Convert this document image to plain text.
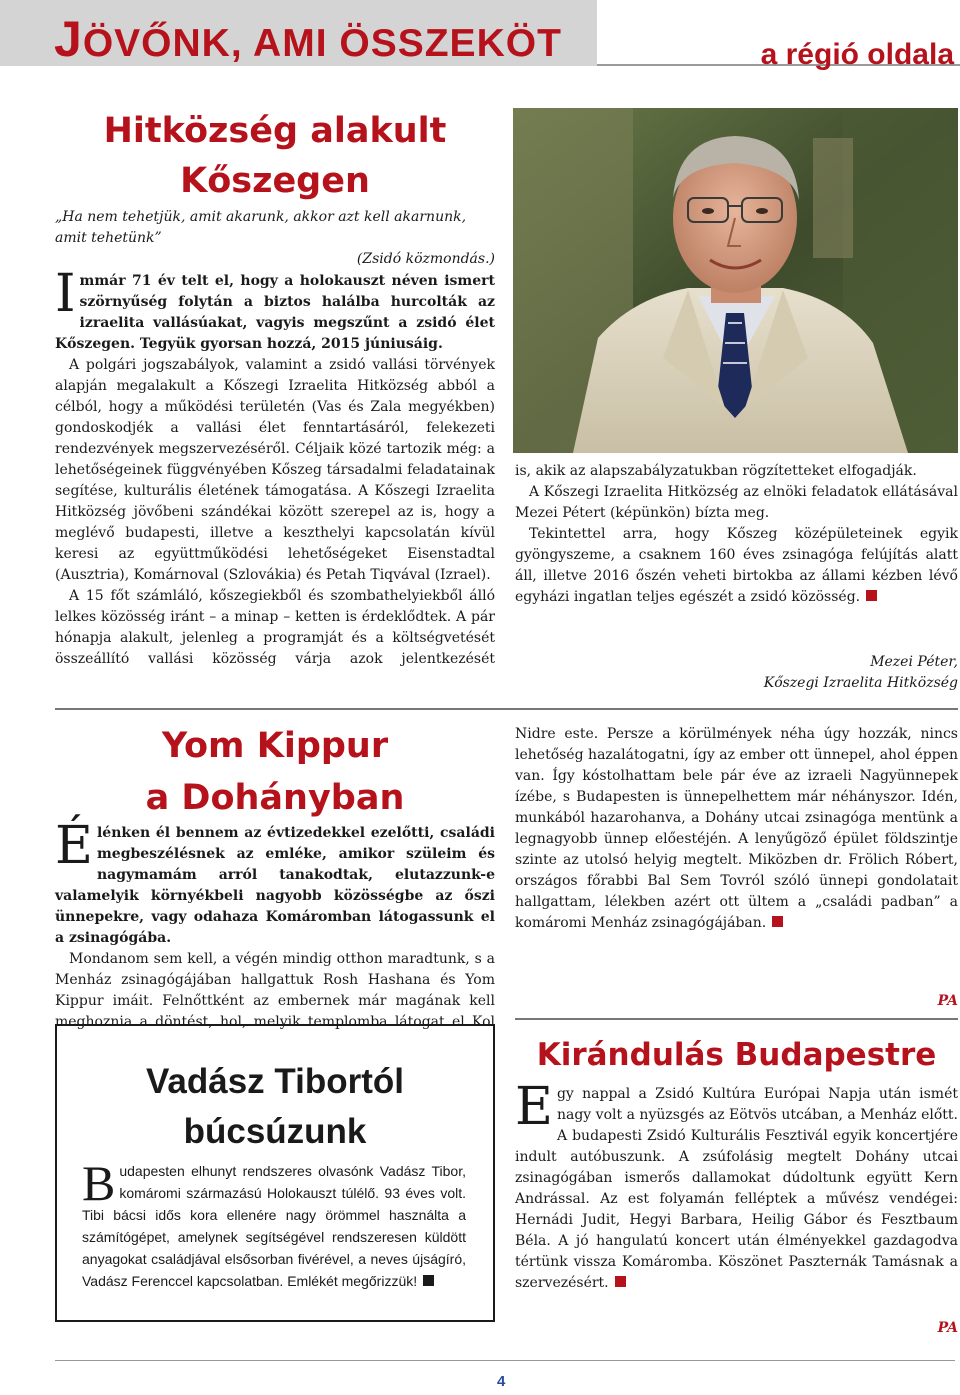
JÖVŐNK, AMI ÖSSZEKÖT	a régió oldala
Hitközség alakult
Kőszegen
„Ha nem tehetjük, amit akarunk, akkor azt kell akarnunk, amit tehetünk”
(Zsidó közmondás.)

Immár 71 év telt el, hogy a holokauszt néven ismert szörnyűség folytán a biztos halálba hurcolták az izraelita vallásúakat, vagyis megszűnt a zsidó élet Kőszegen. Tegyük gyorsan hozzá, 2015 júniusáig.

A polgári jogszabályok, valamint a zsidó vallási törvények alapján megalakult a Kőszegi Izraelita Hitközség abból a célból, hogy a működési területén (Vas és Zala megyékben) gondoskodjék a vallási élet fenntartásáról, felekezeti rendezvények megszervezéséről. Céljaik közé tartozik még: a lehetőségeinek függvényében Kőszeg társadalmi feladatainak segítése, kulturális életének támogatása. A Kőszegi Izraelita Hitközség jövőbeni szándékai között szerepel az is, hogy a meglévő budapesti, illetve a keszthelyi kapcsolatán kívül keresi az együttműködési lehetőségeket Eisenstadtal (Ausztria), Komárnoval (Szlovákia) és Petah Tiqvával (Izrael).

A 15 főt számláló, kőszegiekből és szombathelyiekből álló lelkes közösség iránt – a minap – ketten is érdeklődtek. A pár hónapja alakult, jelenleg a programját és a költségvetését összeállító vallási közösség várja azok jelentkezését

is, akik az alapszabályzatukban rögzítetteket elfogadják.

A Kőszegi Izraelita Hitközség az elnöki feladatok ellátásával Mezei Pétert (képünkön) bízta meg.

Tekintettel arra, hogy Kőszeg középületeinek egyik gyöngyszeme, a csaknem 160 éves zsinagóga felújítás alatt áll, illetve 2016 őszén veheti birtokba az állami kézben lévő egyházi ingatlan teljes egészét a zsidó közösség.

Mezei Péter,
Kőszegi Izraelita Hitközség
Yom Kippur
a Dohányban

Élénken él bennem az évtizedekkel ezelőtti, családi megbeszélésnek az emléke, amikor szüleim és nagymamám arról tanakodtak, elutazzunk-e valamelyik környékbeli nagyobb közösségbe az őszi ünnepekre, vagy odahaza Komáromban látogassunk el a zsinagógába.

Mondanom sem kell, a végén mindig otthon maradtunk, s a Menház zsinagógájában hallgattuk Rosh Hashana és Yom Kippur imáit. Felnőttként az embernek már magának kell meghoznia a döntést, hol, melyik templomba látogat el Kol

Nidre este. Persze a körülmények néha úgy hozzák, nincs lehetőség hazalátogatni, így az ember ott ünnepel, ahol éppen van. Így kóstolhattam bele pár éve az izraeli Nagyünnepek ízébe, s Budapesten is ünnepelhettem már néhányszor. Idén, munkából hazarohanva, a Dohány utcai zsinagóga mentünk a legnagyobb ünnep előestéjén. A lenyűgöző épület földszintje szinte az utolsó helyig megtelt. Miközben dr. Frölich Róbert, országos főrabbi Bal Sem Tovról szóló ünnepi gondolatait hallgattam, lélekben azért ott ültem a „családi padban” a komáromi Menház zsinagógájában.

PA
Vadász Tibortól
búcsúzunk

Budapesten elhunyt rendszeres olvasónk Vadász Tibor, komáromi származású Holokauszt túlélő. 93 éves volt. Tibi bácsi idős kora ellenére nagy örömmel használta a számítógépet, amelynek segítségével rendszeresen küldött anyagokat családjával elsősorban fivérével, a neves újságíró, Vadász Ferenccel kapcsolatban. Emlékét megőrizzük!

Kirándulás Budapestre

Egy nappal a Zsidó Kultúra Európai Napja után ismét nagy volt a nyüzsgés az Eötvös utcában, a Menház előtt. A budapesti Zsidó Kulturális Fesztivál egyik koncertjére indult autóbuszunk. A zsúfolásig megtelt Dohány utcai zsinagógában ismerős dallamokat dúdoltunk együtt Kern Andrással. Az est folyamán felléptek a művész vendégei: Hernádi Judit, Hegyi Barbara, Heilig Gábor és Fesztbaum Béla. A jó hangulatú koncert után élményekkel gazdagodva tértünk vissza Komáromba. Köszönet Paszternák Tamásnak a szervezésért.

PA
4
